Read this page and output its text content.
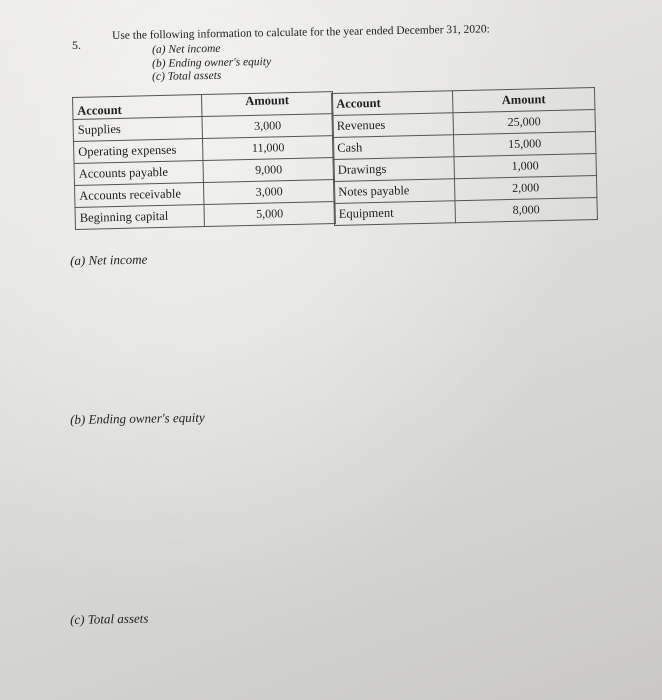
5.
Use the following information to calculate for the year ended December 31, 2020:
(a) Net income
(b) Ending owner's equity
(c) Total assets
Account	Amount
Supplies	3,000
Operating expenses	11,000
Accounts payable	9,000
Accounts receivable	3,000
Beginning capital	5,000
Account	Amount
Revenues	25,000
Cash	15,000
Drawings	1,000
Notes payable	2,000
Equipment	8,000
(a) Net income
(b) Ending owner's equity
(c) Total assets
